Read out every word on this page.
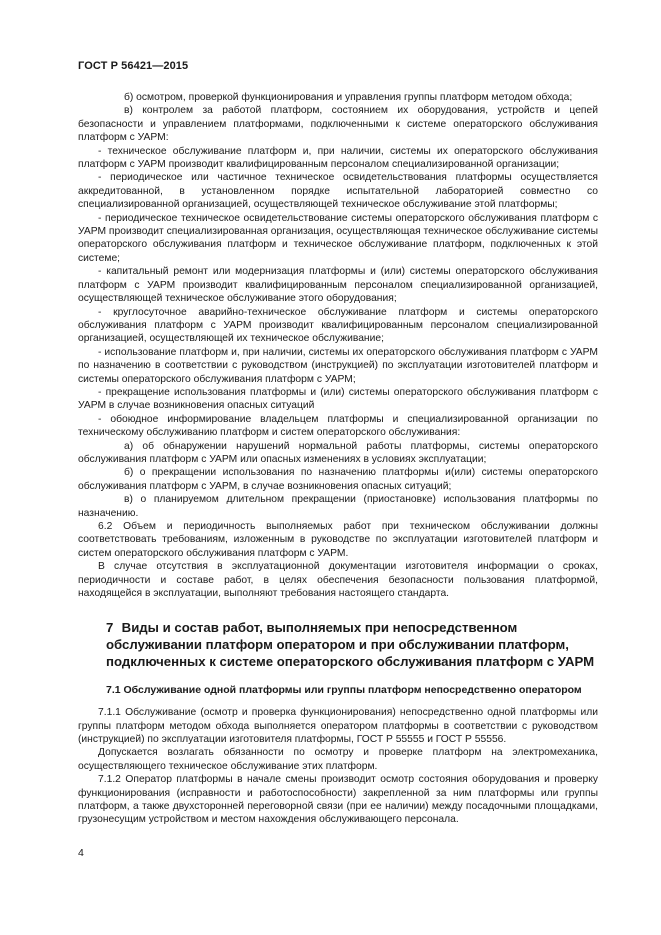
ГОСТ Р 56421—2015

б) осмотром, проверкой функционирования и управления группы платформ методом обхода;

в) контролем за работой платформ, состоянием их оборудования, устройств и цепей безопасности и управлением платформами, подключенными к системе операторского обслуживания платформ с УАРМ:

- техническое обслуживание платформ и, при наличии, системы их операторского обслуживания платформ с УАРМ производит квалифицированным персоналом специализированной организации;

- периодическое или частичное техническое освидетельствования платформы осуществляется аккредитованной, в установленном порядке испытательной лабораторией совместно со специализированной организацией, осуществляющей техническое обслуживание этой платформы;

- периодическое техническое освидетельствование системы операторского обслуживания платформ с УАРМ производит специализированная организация, осуществляющая техническое обслуживание системы операторского обслуживания платформ и техническое обслуживание платформ, подключенных к этой системе;

- капитальный ремонт или модернизация платформы и (или) системы операторского обслуживания платформ с УАРМ производит квалифицированным персоналом специализированной организацией, осуществляющей техническое обслуживание этого оборудования;

- круглосуточное аварийно-техническое обслуживание платформ и системы операторского обслуживания платформ с УАРМ производит квалифицированным персоналом специализированной организацией, осуществляющей их техническое обслуживание;

- использование платформ и, при наличии, системы их операторского обслуживания платформ с УАРМ по назначению в соответствии с руководством (инструкцией) по эксплуатации изготовителей платформ и системы операторского обслуживания платформ с УАРМ;

- прекращение использования платформы и (или) системы операторского обслуживания платформ с УАРМ в случае возникновения опасных ситуаций

- обоюдное информирование владельцем платформы и специализированной организации по техническому обслуживанию платформ и систем операторского обслуживания:

а) об обнаружении нарушений нормальной работы платформы, системы операторского обслуживания платформ с УАРМ или опасных изменениях в условиях эксплуатации;

б) о прекращении использования по назначению платформы и(или) системы операторского обслуживания платформ с УАРМ, в случае возникновения опасных ситуаций;

в) о планируемом длительном прекращении (приостановке) использования платформы по назначению.

6.2 Объем и периодичность выполняемых работ при техническом обслуживании должны соответствовать требованиям, изложенным в руководстве по эксплуатации изготовителей платформ и систем операторского обслуживания платформ с УАРМ.

В случае отсутствия в эксплуатационной документации изготовителя информации о сроках, периодичности и составе работ, в целях обеспечения безопасности пользования платформой, находящейся в эксплуатации, выполняют требования настоящего стандарта.

7 Виды и состав работ, выполняемых при непосредственном обслуживании платформ оператором и при обслуживании платформ, подключенных к системе операторского обслуживания платформ с УАРМ
7.1 Обслуживание одной платформы или группы платформ непосредственно оператором

7.1.1 Обслуживание (осмотр и проверка функционирования) непосредственно одной платформы или группы платформ методом обхода выполняется оператором платформы в соответствии с руководством (инструкцией) по эксплуатации изготовителя платформы, ГОСТ Р 55555 и ГОСТ Р 55556.

Допускается возлагать обязанности по осмотру и проверке платформ на электромеханика, осуществляющего техническое обслуживание этих платформ.

7.1.2 Оператор платформы в начале смены производит осмотр состояния оборудования и проверку функционирования (исправности и работоспособности) закрепленной за ним платформы или группы платформ, а также двухсторонней переговорной связи (при ее наличии) между посадочными площадками, грузонесущим устройством и местом нахождения обслуживающего персонала.

4
